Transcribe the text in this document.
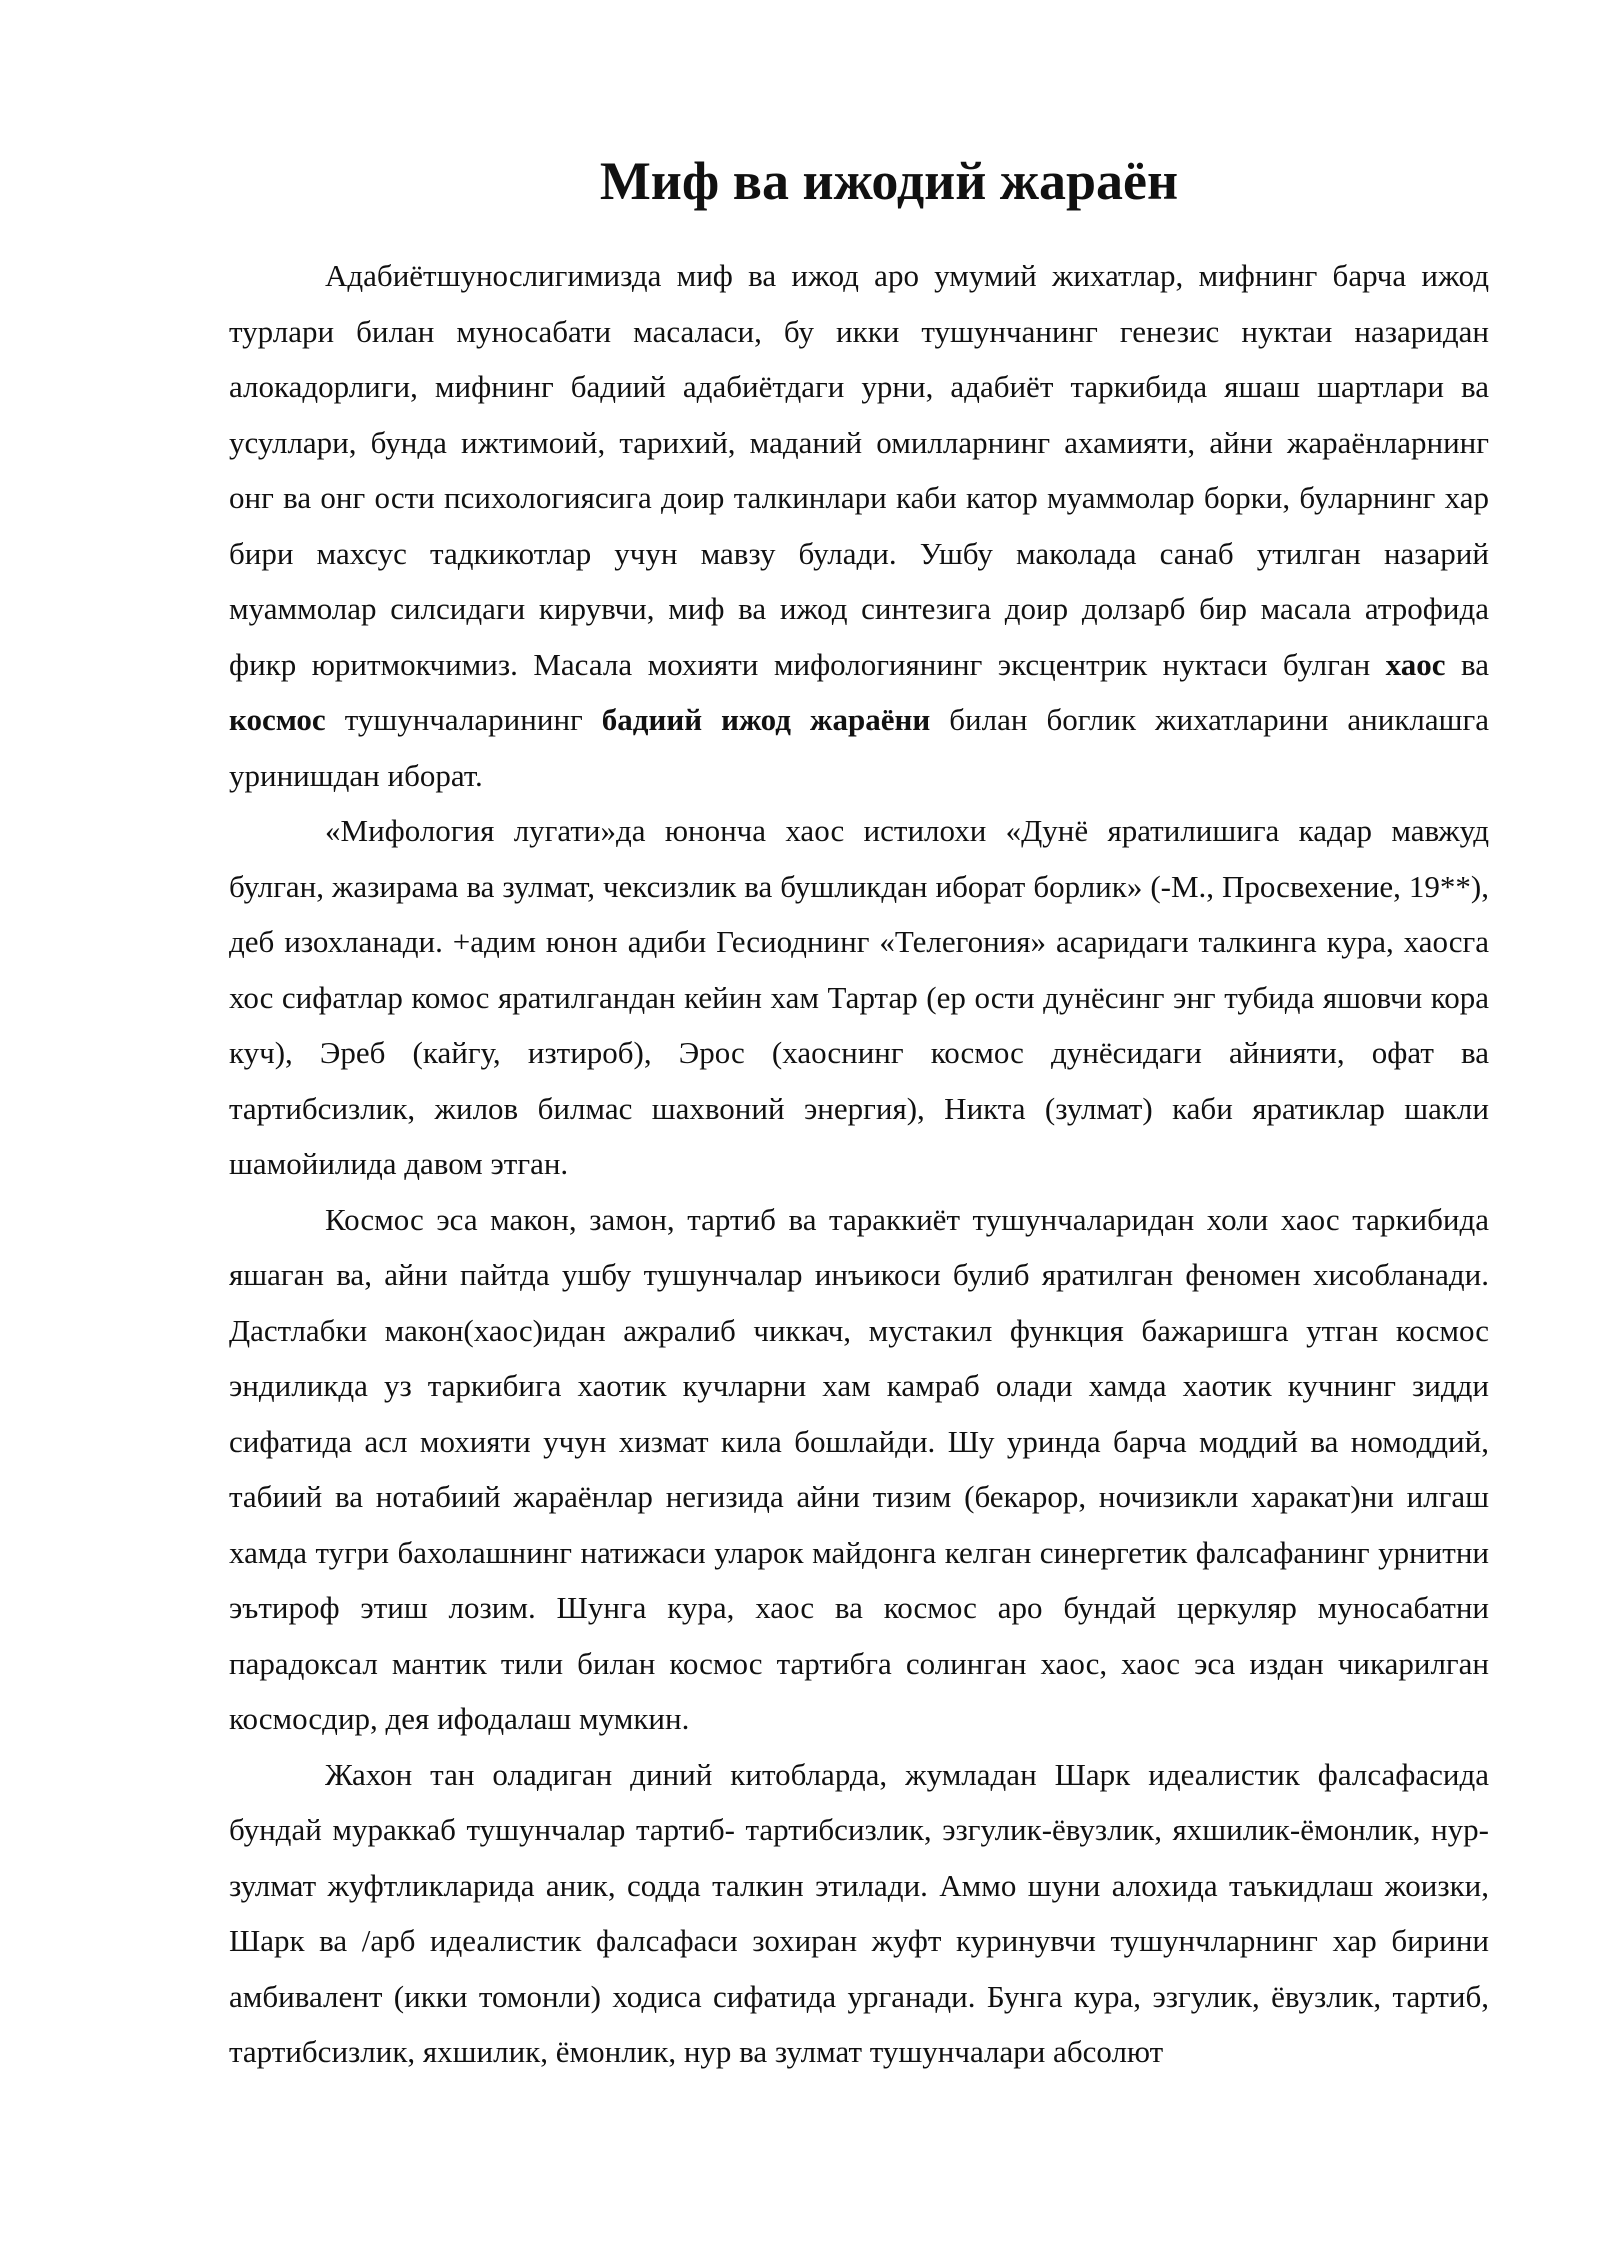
Миф ва ижодий жараён

Адабиётшунослигимизда миф ва ижод аро умумий жихатлар, мифнинг барча ижод турлари билан муносабати масаласи, бу икки тушунчанинг генезис нуктаи назаридан алокадорлиги, мифнинг бадиий адабиётдаги урни, адабиёт таркибида яшаш шартлари ва усуллари, бунда ижтимоий, тарихий, маданий омилларнинг ахамияти, айни жараёнларнинг онг ва онг ости психологиясига доир талкинлари каби катор муаммолар борки, буларнинг хар бири махсус тадкикотлар учун мавзу булади. Ушбу маколада санаб утилган назарий муаммолар силсидаги кирувчи, миф ва ижод синтезига доир долзарб бир масала атрофида фикр юритмокчимиз. Масала мохияти мифологиянинг эксцентрик нуктаси булган хаос ва космос тушунчаларининг бадиий ижод жараёни билан боглик жихатларини аниклашга уринишдан иборат.

«Мифология лугати»да юнонча хаос истилохи «Дунё яратилишига кадар мавжуд булган, жазирама ва зулмат, чексизлик ва бушликдан иборат борлик» (-М., Просвехение, 19**), деб изохланади. +адим юнон адиби Гесиоднинг «Телегония» асаридаги талкинга кура, хаосга хос сифатлар комос яратилгандан кейин хам Тартар (ер ости дунёсинг энг тубида яшовчи кора куч), Эреб (кайгу, изтироб), Эрос (хаоснинг космос дунёсидаги айнияти, офат ва тартибсизлик, жилов билмас шахвоний энергия), Никта (зулмат) каби яратиклар шакли шамойилида давом этган.

Космос эса макон, замон, тартиб ва тараккиёт тушунчаларидан холи хаос таркибида яшаган ва, айни пайтда ушбу тушунчалар инъикоси булиб яратилган феномен хисобланади. Дастлабки макон(хаос)идан ажралиб чиккач, мустакил функция бажаришга утган космос эндиликда уз таркибига хаотик кучларни хам камраб олади хамда хаотик кучнинг зидди сифатида асл мохияти учун хизмат кила бошлайди. Шу уринда барча моддий ва номоддий, табиий ва нотабиий жараёнлар негизида айни тизим (бекарор, ночизикли харакат)ни илгаш хамда тугри бахолашнинг натижаси уларок майдонга келган синергетик фалсафанинг урнитни эътироф этиш лозим. Шунга кура, хаос ва космос аро бундай церкуляр муносабатни парадоксал мантик тили билан космос тартибга солинган хаос, хаос эса издан чикарилган космосдир, дея ифодалаш мумкин.

Жахон тан оладиган диний китобларда, жумладан Шарк идеалистик фалсафасида бундай мураккаб тушунчалар тартиб- тартибсизлик, эзгулик-ёвузлик, яхшилик-ёмонлик, нур-зулмат жуфтликларида аник, содда талкин этилади. Аммо шуни алохида таъкидлаш жоизки, Шарк ва /арб идеалистик фалсафаси зохиран жуфт куринувчи тушунчларнинг хар бирини амбивалент (икки томонли) ходиса сифатида урганади. Бунга кура, эзгулик, ёвузлик, тартиб, тартибсизлик, яхшилик, ёмонлик, нур ва зулмат тушунчалари абсолют
